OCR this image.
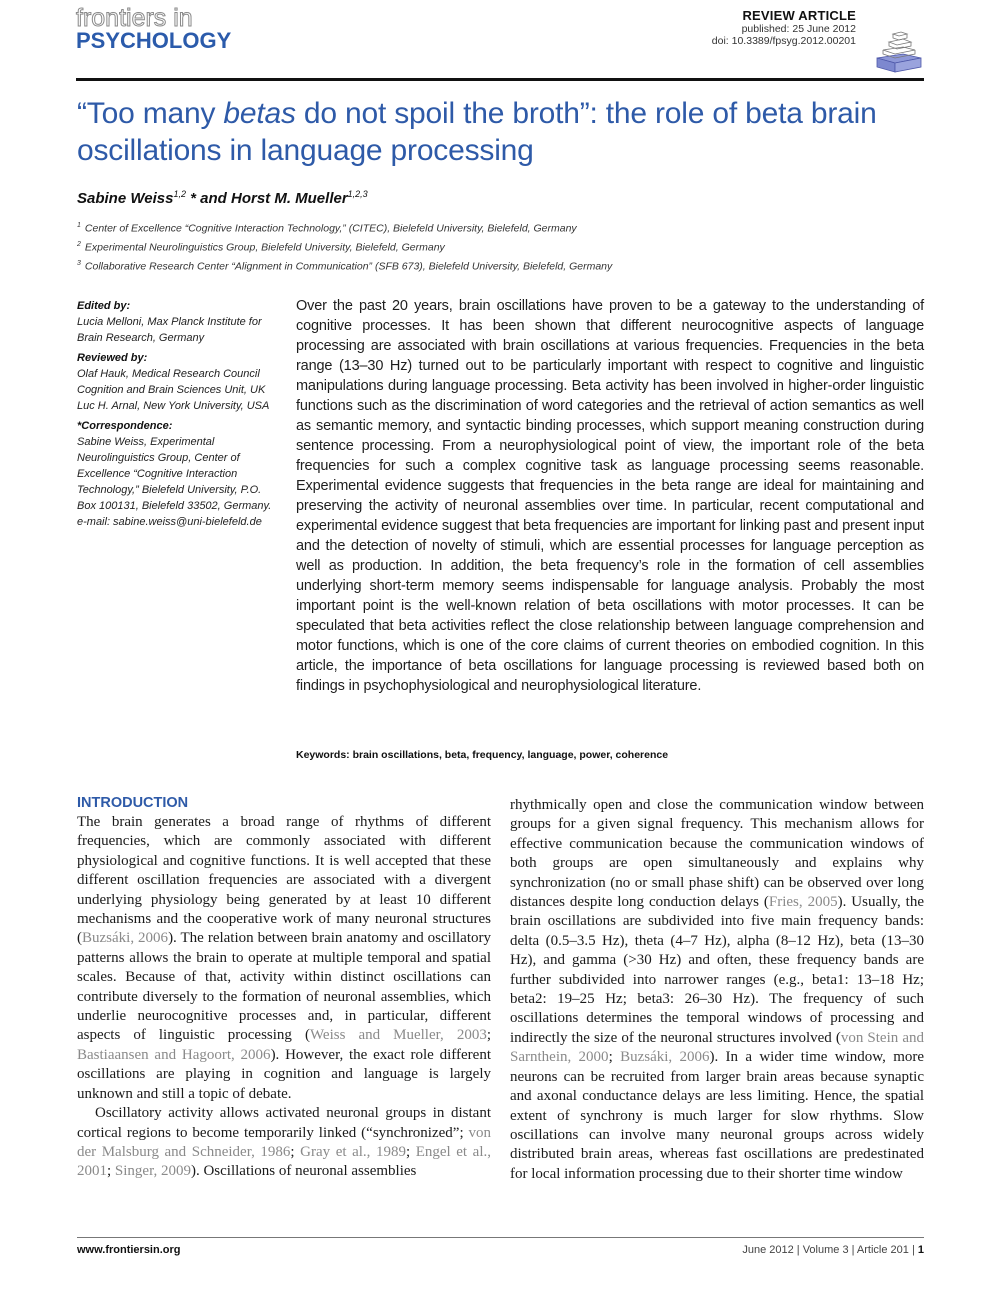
frontiers in
PSYCHOLOGY
REVIEW ARTICLE
published: 25 June 2012
doi: 10.3389/fpsyg.2012.00201
“Too many betas do not spoil the broth”: the role of beta brain oscillations in language processing
Sabine Weiss$^{1,2}$ * and Horst M. Mueller$^{1,2,3}$
$^1$ Center of Excellence “Cognitive Interaction Technology,” (CITEC), Bielefeld University, Bielefeld, Germany
$^2$ Experimental Neurolinguistics Group, Bielefeld University, Bielefeld, Germany
$^3$ Collaborative Research Center “Alignment in Communication” (SFB 673), Bielefeld University, Bielefeld, Germany
Edited by:
Lucia Melloni, Max Planck Institute for Brain Research, Germany
Reviewed by:
Olaf Hauk, Medical Research Council Cognition and Brain Sciences Unit, UK
Luc H. Arnal, New York University, USA
*Correspondence:
Sabine Weiss, Experimental Neurolinguistics Group, Center of Excellence “Cognitive Interaction Technology,” Bielefeld University, P.O. Box 100131, Bielefeld 33502, Germany.
e-mail: sabine.weiss@uni-bielefeld.de

Over the past 20 years, brain oscillations have proven to be a gateway to the understanding of cognitive processes. It has been shown that different neurocognitive aspects of language processing are associated with brain oscillations at various frequencies. Frequencies in the beta range (13–30 Hz) turned out to be particularly important with respect to cognitive and linguistic manipulations during language processing. Beta activity has been involved in higher-order linguistic functions such as the discrimination of word categories and the retrieval of action semantics as well as semantic memory, and syntactic binding processes, which support meaning construction during sentence processing. From a neurophysiological point of view, the important role of the beta frequencies for such a complex cognitive task as language processing seems reasonable. Experimental evidence suggests that frequencies in the beta range are ideal for maintaining and preserving the activity of neuronal assemblies over time. In particular, recent computational and experimental evidence suggest that beta frequencies are important for linking past and present input and the detection of novelty of stimuli, which are essential processes for language perception as well as production. In addition, the beta frequency’s role in the formation of cell assemblies underlying short-term memory seems indispensable for language analysis. Probably the most important point is the well-known relation of beta oscillations with motor processes. It can be speculated that beta activities reflect the close relationship between language comprehension and motor functions, which is one of the core claims of current theories on embodied cognition. In this article, the importance of beta oscillations for language processing is reviewed based both on findings in psychophysiological and neurophysiological literature.

Keywords: brain oscillations, beta, frequency, language, power, coherence
INTRODUCTION

The brain generates a broad range of rhythms of different frequencies, which are commonly associated with different physiological and cognitive functions. It is well accepted that these different oscillation frequencies are associated with a divergent underlying physiology being generated by at least 10 different mechanisms and the cooperative work of many neuronal structures (Buzsáki, 2006). The relation between brain anatomy and oscillatory patterns allows the brain to operate at multiple temporal and spatial scales. Because of that, activity within distinct oscillations can contribute diversely to the formation of neuronal assemblies, which underlie neurocognitive processes and, in particular, different aspects of linguistic processing (Weiss and Mueller, 2003; Bastiaansen and Hagoort, 2006). However, the exact role different oscillations are playing in cognition and language is largely unknown and still a topic of debate.

Oscillatory activity allows activated neuronal groups in distant cortical regions to become temporarily linked (“synchronized”; von der Malsburg and Schneider, 1986; Gray et al., 1989; Engel et al., 2001; Singer, 2009). Oscillations of neuronal assemblies

rhythmically open and close the communication window between groups for a given signal frequency. This mechanism allows for effective communication because the communication windows of both groups are open simultaneously and explains why synchronization (no or small phase shift) can be observed over long distances despite long conduction delays (Fries, 2005). Usually, the brain oscillations are subdivided into five main frequency bands: delta (0.5–3.5 Hz), theta (4–7 Hz), alpha (8–12 Hz), beta (13–30 Hz), and gamma (>30 Hz) and often, these frequency bands are further subdivided into narrower ranges (e.g., beta1: 13–18 Hz; beta2: 19–25 Hz; beta3: 26–30 Hz). The frequency of such oscillations determines the temporal windows of processing and indirectly the size of the neuronal structures involved (von Stein and Sarnthein, 2000; Buzsáki, 2006). In a wider time window, more neurons can be recruited from larger brain areas because synaptic and axonal conductance delays are less limiting. Hence, the spatial extent of synchrony is much larger for slow rhythms. Slow oscillations can involve many neuronal groups across widely distributed brain areas, whereas fast oscillations are predestinated for local information processing due to their shorter time window

www.frontiersin.org	June 2012 | Volume 3 | Article 201 | 1
